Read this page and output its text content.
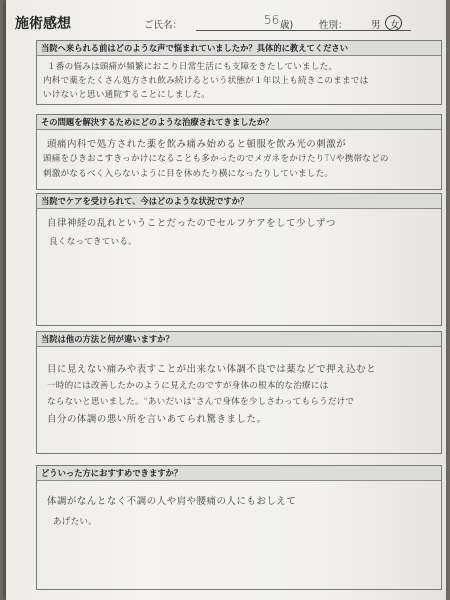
施術感想	ご氏名：	56 歳)	性別： 男 女
当院へ来られる前はどのような声で悩まれていましたか？具体的に教えてください
１番の悩みは頭痛が頻繁におこり日常生活にも支障をきたしていました。
内科で薬をたくさん処方され飲み続けるという状態が１年以上も続きこのままでは
いけないと思い通院することにしました。
その問題を解決するためにどのような治療されてきましたか？
頭痛内科で処方された薬を飲み痛み始めると頓服を飲み光の刺激が
頭痛をひきおこすきっかけになることも多かったのでメガネをかけたりTVや携帯などの
刺激がなるべく入らないように目を休めたり横になったりしていました。
当院でケアを受けられて、今はどのような状況ですか？
自律神経の乱れということだったのでセルフケアをして少しずつ
良くなってきている。
当院は他の方法と何が違いますか？
目に見えない痛みや表すことが出来ない体調不良では薬などで押え込むと
一時的には改善したかのように見えたのですが身体の根本的な治療には
ならないと思いました。"あいだいは"さんで身体を少しさわってもらうだけで
自分の体調の悪い所を言いあてられ驚きました。
どういった方におすすめできますか？
体調がなんとなく不調の人や肩や腰痛の人にもおしえて
あげたい。
